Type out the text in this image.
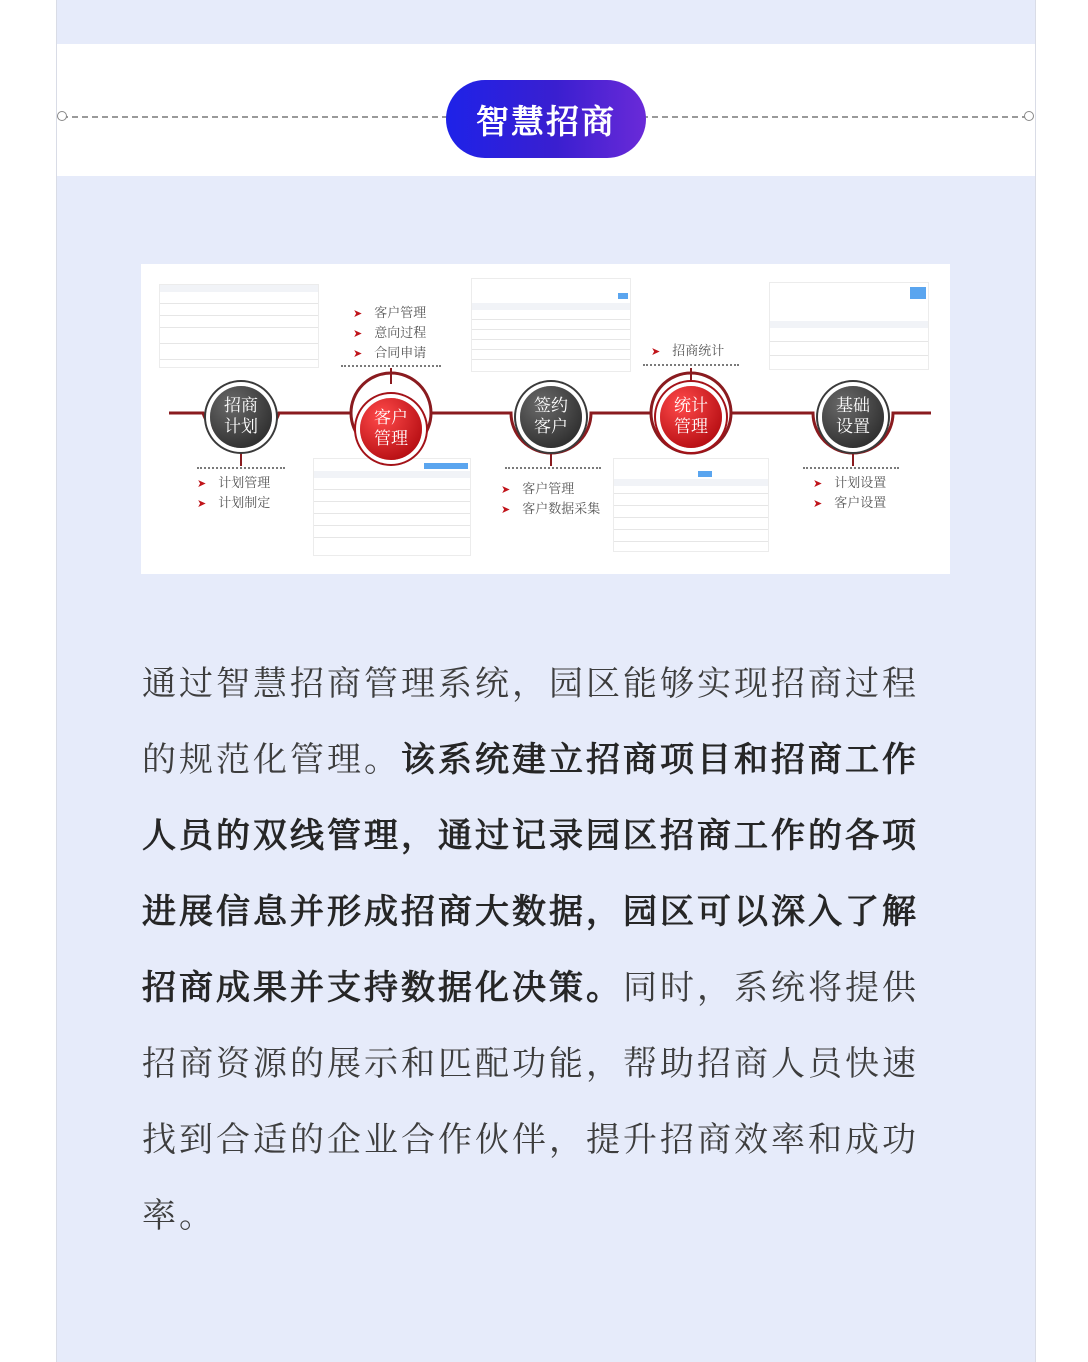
智慧招商
招商
计划	客户
管理
签约
客户
统计
管理
基础
设置
➤ 客户管理
➤ 意向过程
➤ 合同申请	➤ 招商统计
➤ 计划管理
➤ 计划制定
➤ 客户管理
➤ 客户数据采集
➤ 计划设置
➤ 客户设置
通过智慧招商管理系统，园区能够实现招商过程的规范化管理。该系统建立招商项目和招商工作人员的双线管理，通过记录园区招商工作的各项进展信息并形成招商大数据，园区可以深入了解招商成果并支持数据化决策。同时，系统将提供招商资源的展示和匹配功能，帮助招商人员快速找到合适的企业合作伙伴，提升招商效率和成功率。
